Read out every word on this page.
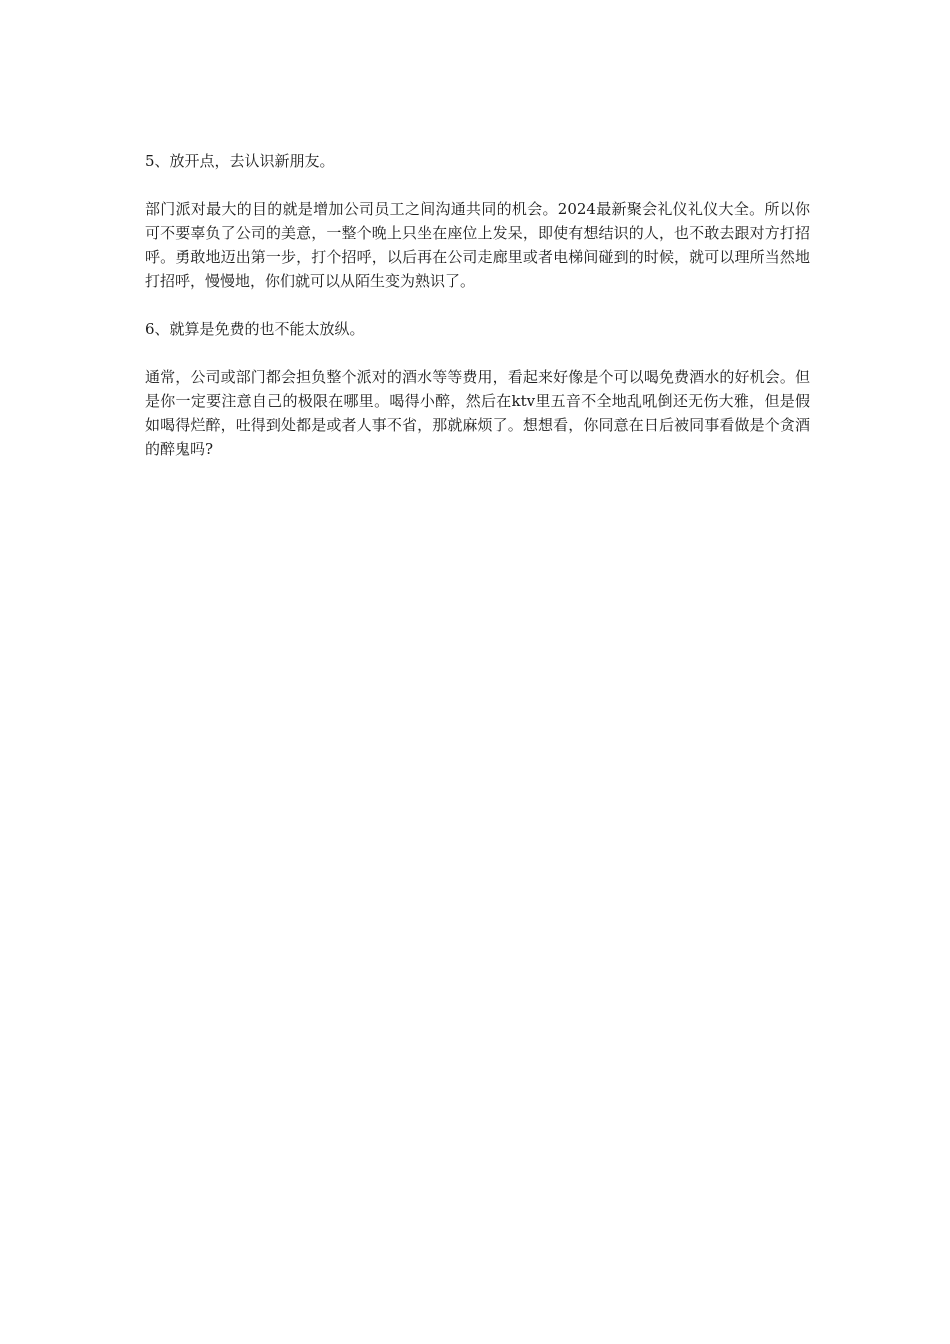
5、放开点，去认识新朋友。

部门派对最大的目的就是增加公司员工之间沟通共同的机会。2024最新聚会礼仪礼仪大全。所以你可不要辜负了公司的美意，一整个晚上只坐在座位上发呆，即使有想结识的人，也不敢去跟对方打招呼。勇敢地迈出第一步，打个招呼，以后再在公司走廊里或者电梯间碰到的时候，就可以理所当然地打招呼，慢慢地，你们就可以从陌生变为熟识了。

6、就算是免费的也不能太放纵。

通常，公司或部门都会担负整个派对的酒水等等费用，看起来好像是个可以喝免费酒水的好机会。但是你一定要注意自己的极限在哪里。喝得小醉，然后在ktv里五音不全地乱吼倒还无伤大雅，但是假如喝得烂醉，吐得到处都是或者人事不省，那就麻烦了。想想看，你同意在日后被同事看做是个贪酒的醉鬼吗?
